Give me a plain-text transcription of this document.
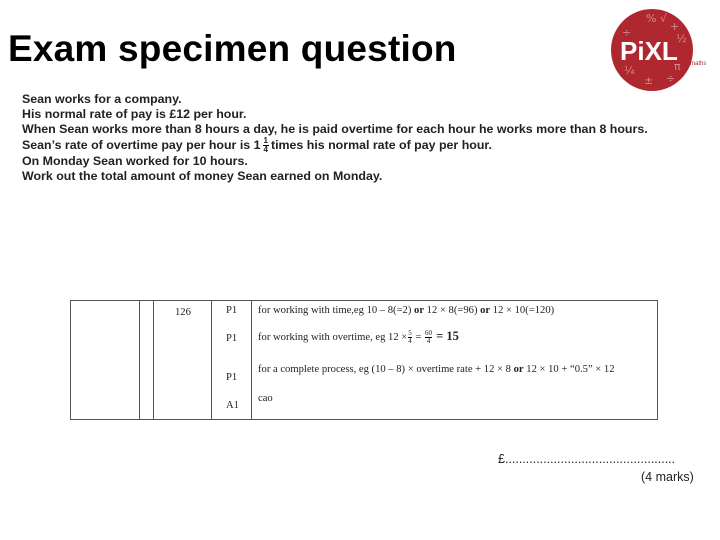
Exam specimen question
% √
+
½
π
÷
÷
¼
±
PiXL maths

Sean works for a company.

His normal rate of pay is £12 per hour.

When Sean works more than 8 hours a day, he is paid overtime for each hour he works more than 8 hours.

Sean’s rate of overtime pay per hour is $1 \frac{1}{4}$ times his normal rate of pay per hour.

On Monday Sean worked for 10 hours.

Work out the total amount of money Sean earned on Monday.

126	P1 for working with time,eg 10 – 8(=2) or 12 × 8(=96) or 12 × 10(=120)
P1 for working with overtime, eg $12 \times \frac{5}{4} = \frac{60}{4} = 15$
P1
for a complete process, eg (10 – 8) × overtime rate + 12 × 8 or 12 × 10 + “0.5” × 12
A1
cao
£.................................................
(4 marks)
